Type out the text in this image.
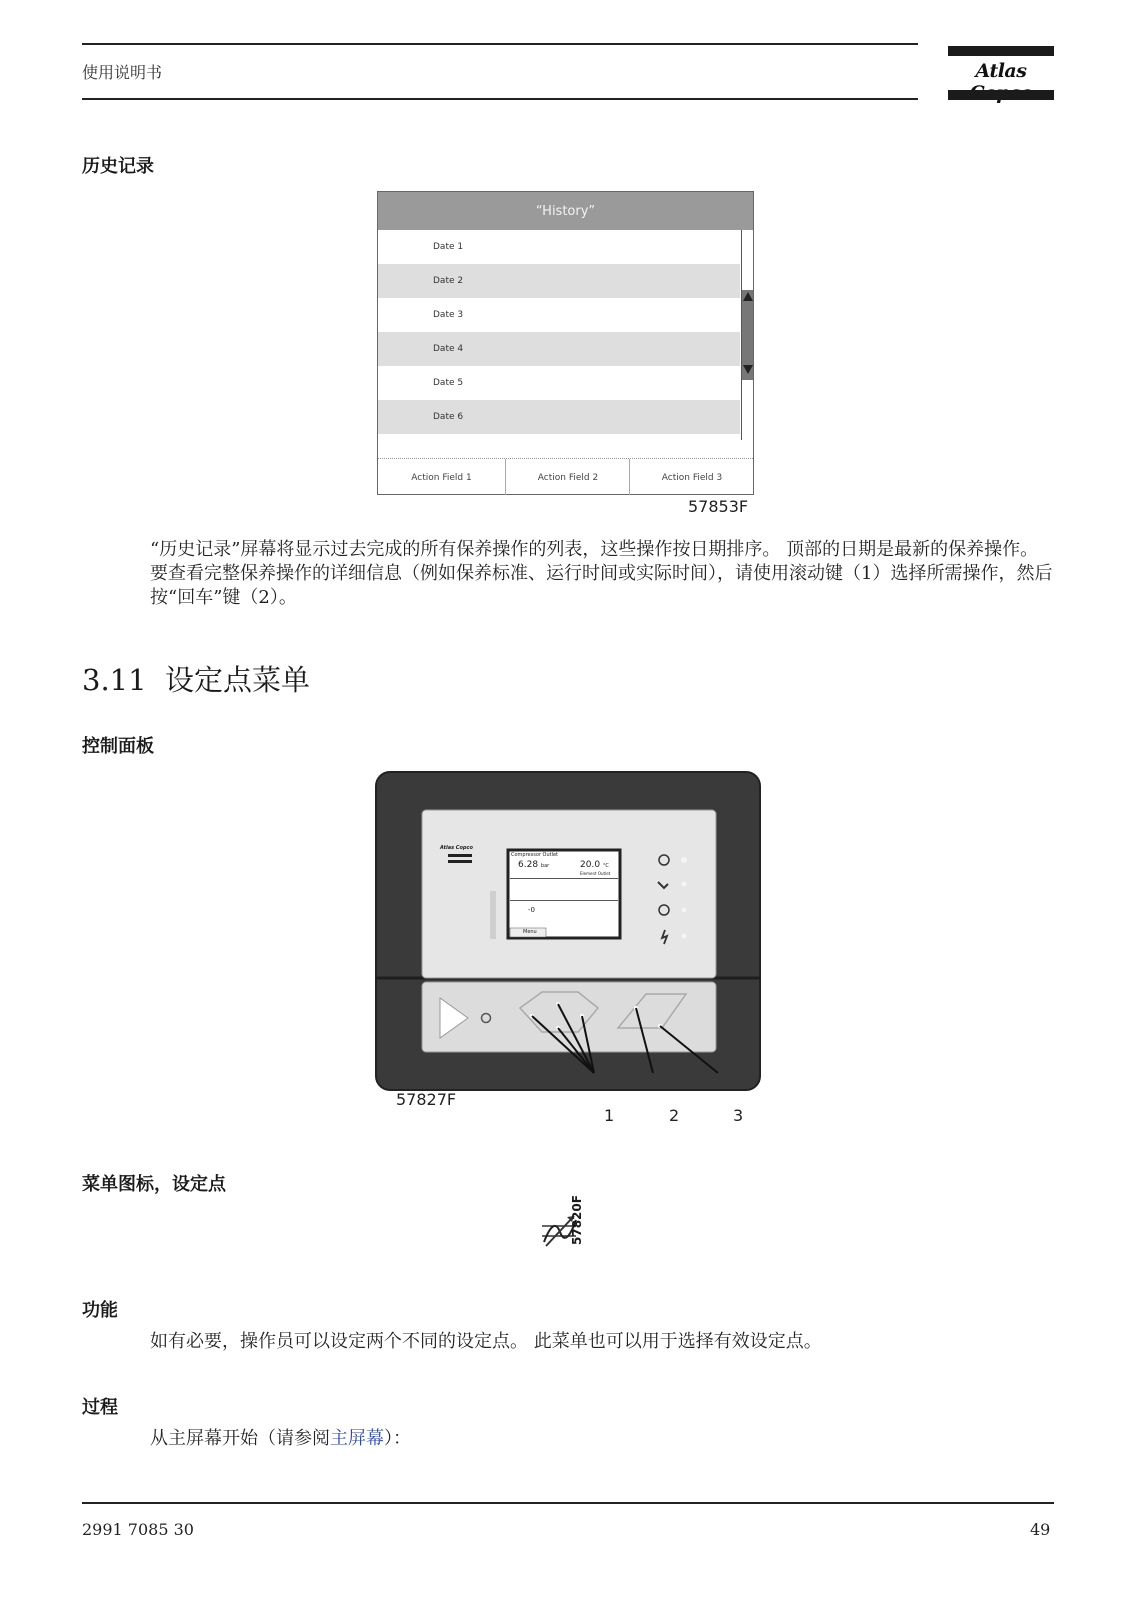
使用说明书	Atlas
历史记录
“History”
Date 1
Date 2
Date 3
Date 4
Date 5
Date 6
Action Field 1	Action Field 2	Action Field 3
57853F
“历史记录”屏幕将显示过去完成的所有保养操作的列表，这些操作按日期排序。 顶部的日期是最新的保养操作。 要查看完整保养操作的详细信息（例如保养标准、运行时间或实际时间），请使用滚动键（1）选择所需操作，然后按“回车”键（2）。
3.11 设定点菜单
控制面板
Atlas Copco
Compressor Outlet
6.28 bar	20.0 °C
Element Outlet
-0
Menu
57827F
1	2	3
菜单图标，设定点
57820F
功能
如有必要，操作员可以设定两个不同的设定点。 此菜单也可以用于选择有效设定点。
过程
从主屏幕开始（请参阅主屏幕）：
2991 7085 30	49
